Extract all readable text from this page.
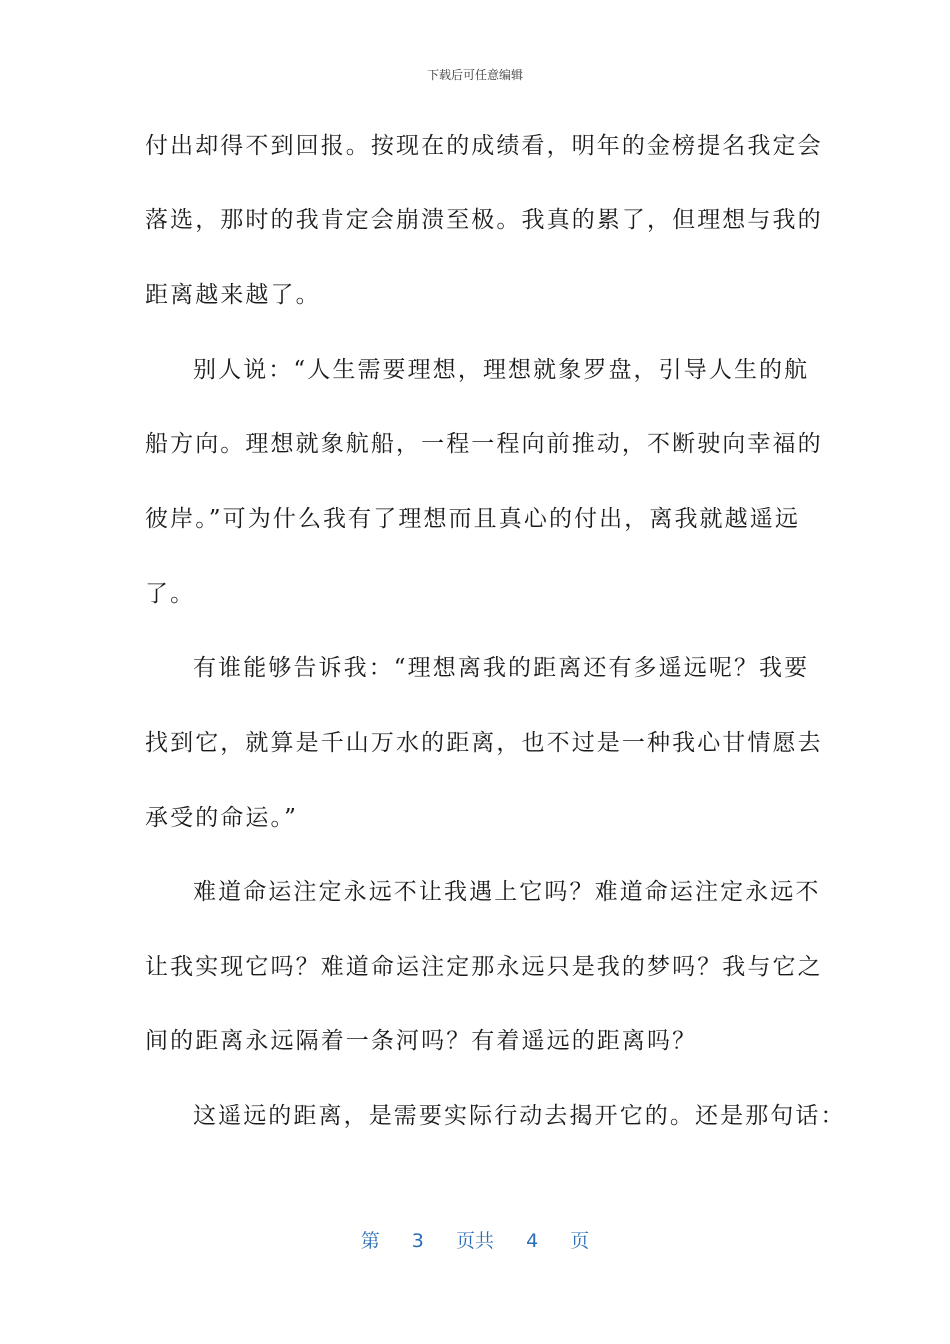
下载后可任意编辑
付出却得不到回报。按现在的成绩看，明年的金榜提名我定会
落选，那时的我肯定会崩溃至极。我真的累了，但理想与我的
距离越来越了。
别人说：“人生需要理想，理想就象罗盘，引导人生的航
船方向。理想就象航船，一程一程向前推动，不断驶向幸福的
彼岸。”可为什么我有了理想而且真心的付出，离我就越遥远
了。
有谁能够告诉我：“理想离我的距离还有多遥远呢？我要
找到它，就算是千山万水的距离，也不过是一种我心甘情愿去
承受的命运。”
难道命运注定永远不让我遇上它吗？难道命运注定永远不
让我实现它吗？难道命运注定那永远只是我的梦吗？我与它之
间的距离永远隔着一条河吗？有着遥远的距离吗？
这遥远的距离，是需要实际行动去揭开它的。还是那句话：
第 3 页共 4 页
